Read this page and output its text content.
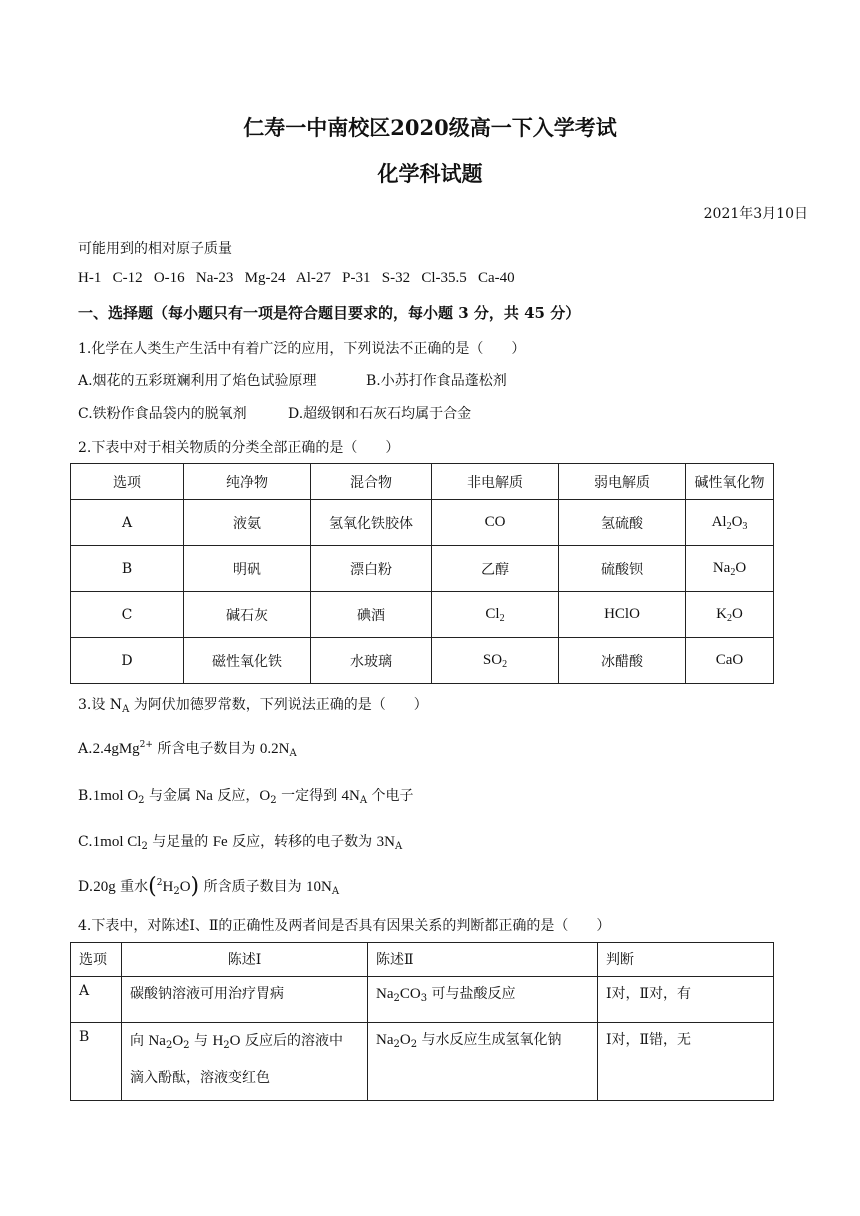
仁寿一中南校区2020级高一下入学考试
化学科试题
2021年3月10日
可能用到的相对原子质量
H-1   C-12   O-16   Na-23   Mg-24   Al-27   P-31   S-32   Cl-35.5   Ca-40
一、选择题（每小题只有一项是符合题目要求的，每小题 3 分，共 45 分）
1.化学在人类生产生活中有着广泛的应用，下列说法不正确的是（　　）
A.烟花的五彩斑斓利用了焰色试验原理	B.小苏打作食品蓬松剂
C.铁粉作食品袋内的脱氧剂	D.超级钢和石灰石均属于合金
2.下表中对于相关物质的分类全部正确的是（　　）
选项	纯净物	混合物	非电解质	弱电解质	碱性氧化物
A	液氨	氢氧化铁胶体	CO	氢硫酸	$Al_2O_3$
B	明矾	漂白粉	乙醇	硫酸钡	$Na_2O$
C	碱石灰	碘酒	$Cl_2$	HClO	$K_2O$
D	磁性氧化铁	水玻璃	$SO_2$	冰醋酸	CaO
3.设 $N_A$ 为阿伏加德罗常数，下列说法正确的是（　　）
A.2.4gMg$^{2+}$ 所含电子数目为 $0.2N_A$
B.1mol $O_2$ 与金属 Na 反应，$O_2$ 一定得到 $4N_A$ 个电子
C.1mol $Cl_2$ 与足量的 Fe 反应，转移的电子数为 $3N_A$
D.20g 重水$(^2H_2O)$ 所含质子数目为 $10N_A$
4.下表中，对陈述Ⅰ、Ⅱ的正确性及两者间是否具有因果关系的判断都正确的是（　　）
选项	陈述Ⅰ	陈述Ⅱ	判断
A	碳酸钠溶液可用治疗胃病	$Na_2CO_3$ 可与盐酸反应	Ⅰ对，Ⅱ对，有
B	向 $Na_2O_2$ 与 $H_2O$ 反应后的溶液中
滴入酚酞，溶液变红色	$Na_2O_2$ 与水反应生成氢氧化钠	Ⅰ对，Ⅱ错，无
